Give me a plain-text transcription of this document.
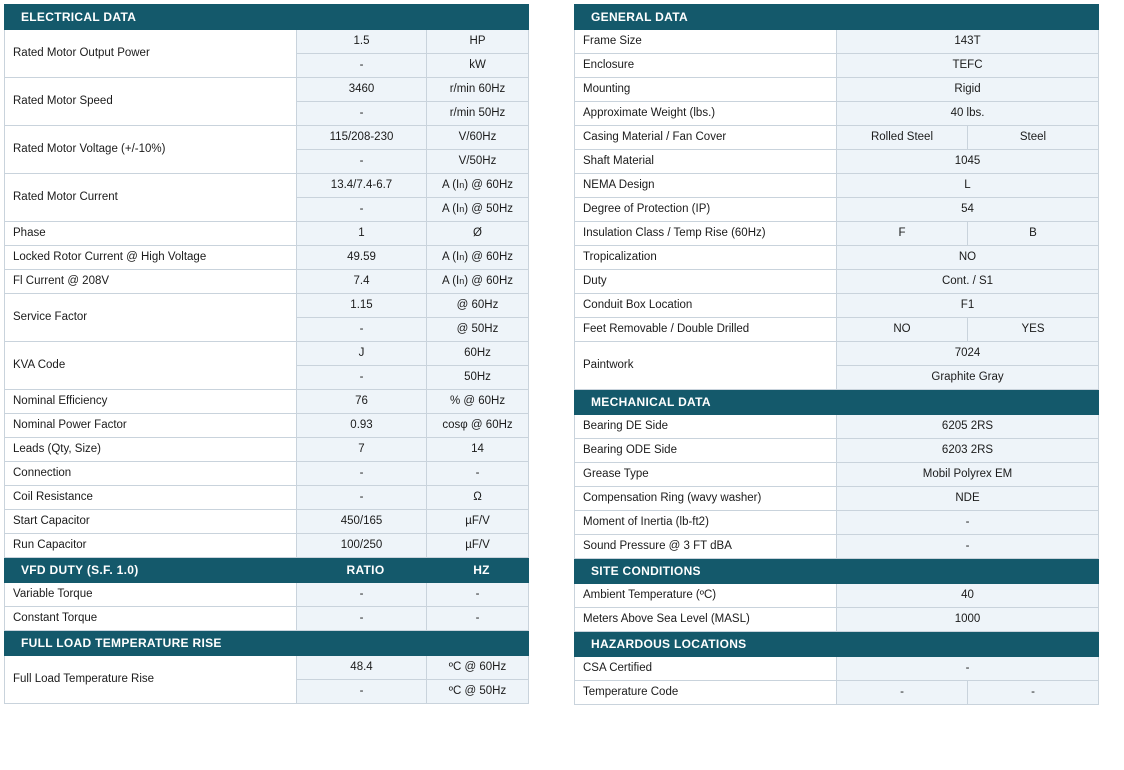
ELECTRICAL DATA		
Rated Motor Output Power	1.5	HP
	-	kW
Rated Motor Speed	3460	r/min 60Hz
	-	r/min 50Hz
Rated Motor Voltage (+/-10%)	115/208-230	V/60Hz
	-	V/50Hz
Rated Motor Current	13.4/7.4-6.7	A (In) @ 60Hz
	-	A (In) @ 50Hz
Phase	1	Ø
Locked Rotor Current @ High Voltage	49.59	A (In) @ 60Hz
Fl Current @ 208V	7.4	A (In) @ 60Hz
Service Factor	1.15	@ 60Hz
	-	@ 50Hz
KVA Code	J	60Hz
	-	50Hz
Nominal Efficiency	76	% @ 60Hz
Nominal Power Factor	0.93	cosφ @ 60Hz
Leads (Qty, Size)	7	14
Connection	-	-
Coil Resistance	-	Ω
Start Capacitor	450/165	µF/V
Run Capacitor	100/250	µF/V
VFD DUTY (S.F. 1.0)	RATIO	HZ
Variable Torque	-	-
Constant Torque	-	-
FULL LOAD TEMPERATURE RISE		
Full Load Temperature Rise	48.4	ºC @ 60Hz
	-	ºC @ 50Hz
GENERAL DATA		
Frame Size	143T	
Enclosure	TEFC	
Mounting	Rigid	
Approximate Weight (lbs.)	40 lbs.	
Casing Material / Fan Cover	Rolled Steel	Steel
Shaft Material	1045	
NEMA Design	L	
Degree of Protection (IP)	54	
Insulation Class / Temp Rise (60Hz)	F	B
Tropicalization	NO	
Duty	Cont. / S1	
Conduit Box Location	F1	
Feet Removable / Double Drilled	NO	YES
Paintwork	7024	
	Graphite Gray	
MECHANICAL DATA		
Bearing DE Side	6205 2RS	
Bearing ODE Side	6203 2RS	
Grease Type	Mobil Polyrex EM	
Compensation Ring (wavy washer)	NDE	
Moment of Inertia (lb-ft2)	-	
Sound Pressure @ 3 FT dBA	-	
SITE CONDITIONS		
Ambient Temperature (ºC)	40	
Meters Above Sea Level (MASL)	1000	
HAZARDOUS LOCATIONS		
CSA Certified	-	
Temperature Code	-	-
